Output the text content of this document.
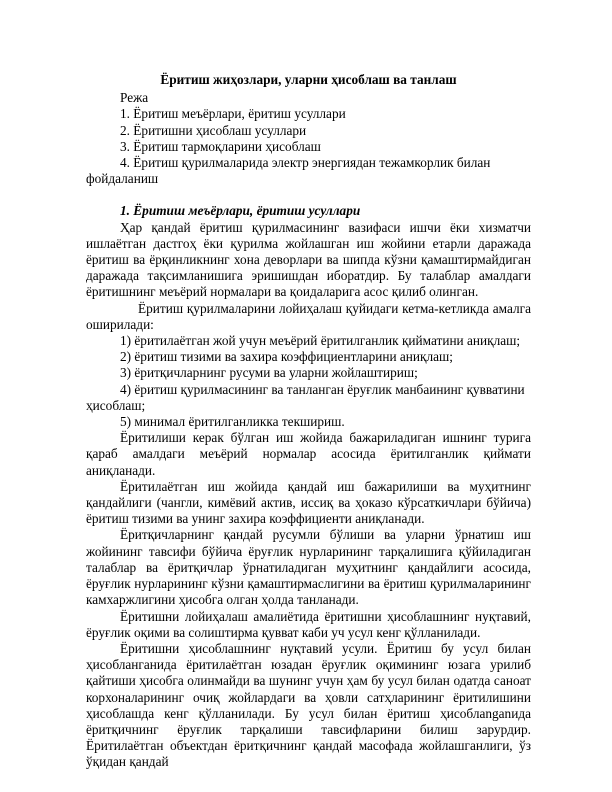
Ёритиш жиҳозлари, уларни ҳисоблаш ва танлаш

Режа

1. Ёритиш меъёрлари, ёритиш усуллари

2. Ёритишни ҳисоблаш усуллари

3. Ёритиш тармоқларини ҳисоблаш

4. Ёритиш қурилмаларида электр энергиядан тежамкорлик билан фойдаланиш

1. Ёритиш меъёрлари, ёритиш усуллари

Ҳар қандай ёритиш қурилмасининг вазифаси ишчи ёки хизматчи ишлаётган дастгоҳ ёки қурилма жойлашган иш жойини етарли даражада ёритиш ва ёрқинликнинг хона деворлари ва шипда кўзни қамаштирмайдиган даражада тақсимланишига эришишдан иборатдир. Бу талаблар амалдаги ёритишнинг меъёрий нормалари ва қоидаларига асос қилиб олинган.

Ёритиш қурилмаларини лойиҳалаш қуйидаги кетма-кетликда амалга оширилади:

1) ёритилаётган жой учун меъёрий ёритилганлик қийматини аниқлаш;

2) ёритиш тизими ва захира коэффициентларини аниқлаш;

3) ёритқичларнинг русуми ва уларни жойлаштириш;

4) ёритиш қурилмасининг ва танланган ёруғлик манбаининг қувватини ҳисоблаш;

5) минимал ёритилганликка текшириш.

Ёритилиши керак бўлган иш жойида бажариладиган ишнинг турига қараб амалдаги меъёрий нормалар асосида ёритилганлик қиймати аниқланади.

Ёритилаётган иш жойида қандай иш бажарилиши ва муҳитнинг қандайлиги (чангли, кимёвий актив, иссиқ ва ҳоказо кўрсаткичлари бўйича) ёритиш тизими ва унинг захира коэффициенти аниқланади.

Ёритқичларнинг қандай русумли бўлиши ва уларни ўрнатиш иш жойининг тавсифи бўйича ёруғлик нурларининг тарқалишига қўйиладиган талаблар ва ёритқичлар ўрнатиладиган муҳитнинг қандайлиги асосида, ёруғлик нурларининг кўзни қамаштирмаслигини ва ёритиш қурилмаларининг камхаржлигини ҳисобга олган ҳолда танланади.

Ёритишни лойиҳалаш амалиётида ёритишни ҳисоблашнинг нуқтавий, ёруғлик оқими ва солиштирма қувват каби уч усул кенг қўлланилади.

Ёритишни ҳисоблашнинг нуқтавий усули. Ёритиш бу усул билан ҳисобланганида ёритилаётган юзадан ёруғлик оқимининг юзага урилиб қайтиши ҳисобга олинмайди ва шунинг учун ҳам бу усул билан одатда саноат корхоналарининг очиқ жойлардаги ва ҳовли сатҳларининг ёритилишини ҳисоблашда кенг қўлланилади. Бу усул билан ёритиш ҳисоблanganида ёритқичнинг ёруғлик тарқалиши тавсифларини билиш зарурдир. Ёритилаётган объектдан ёритқичнинг қандай масофада жойлашганлиги, ўз ўқидан қандай
